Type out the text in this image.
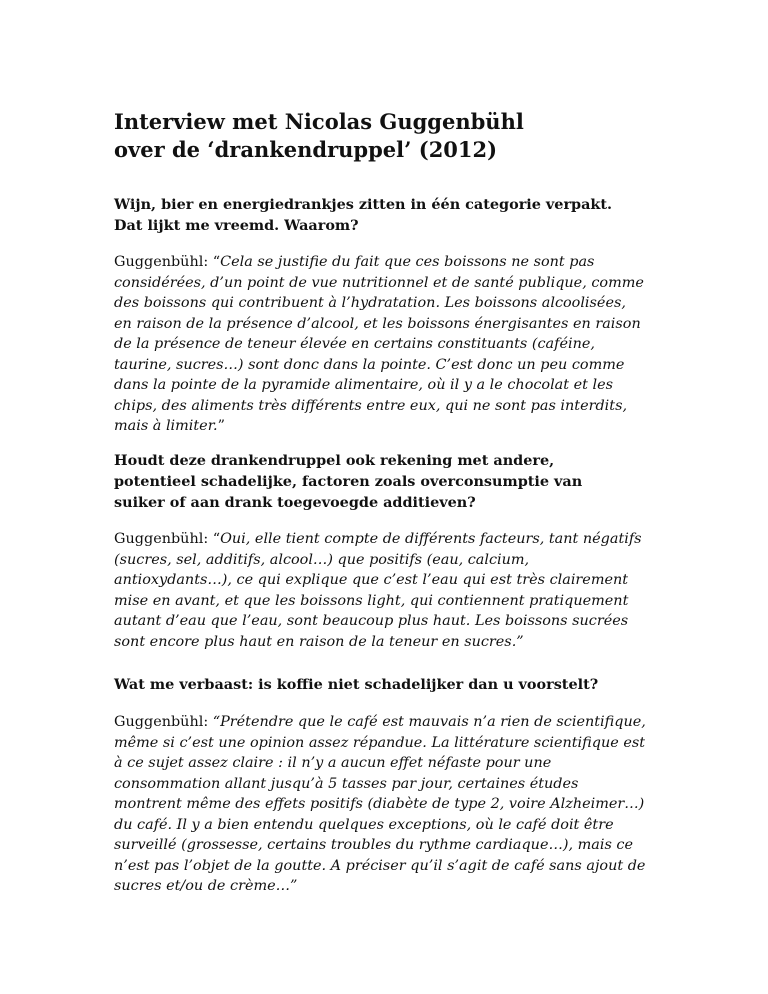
Interview met Nicolas Guggenbühl
over de ‘drankendruppel’ (2012)
Wijn, bier en energiedrankjes zitten in één categorie verpakt.
Dat lijkt me vreemd. Waarom?
Guggenbühl: “Cela se justifie du fait que ces boissons ne sont pas
considérées, d’un point de vue nutritionnel et de santé publique, comme
des boissons qui contribuent à l’hydratation. Les boissons alcoolisées,
en raison de la présence d’alcool, et les boissons énergisantes en raison
de la présence de teneur élevée en certains constituants (caféine,
taurine, sucres…) sont donc dans la pointe. C’est donc un peu comme
dans la pointe de la pyramide alimentaire, où il y a le chocolat et les
chips, des aliments très différents entre eux, qui ne sont pas interdits,
mais à limiter.”
Houdt deze drankendruppel ook rekening met andere,
potentieel schadelijke, factoren zoals overconsumptie van
suiker of aan drank toegevoegde additieven?
Guggenbühl: “Oui, elle tient compte de différents facteurs, tant négatifs
(sucres, sel, additifs, alcool…) que positifs (eau, calcium,
antioxydants…), ce qui explique que c’est l’eau qui est très clairement
mise en avant, et que les boissons light, qui contiennent pratiquement
autant d’eau que l’eau, sont beaucoup plus haut. Les boissons sucrées
sont encore plus haut en raison de la teneur en sucres.”
Wat me verbaast: is koffie niet schadelijker dan u voorstelt?
Guggenbühl: “Prétendre que le café est mauvais n’a rien de scientifique,
même si c’est une opinion assez répandue. La littérature scientifique est
à ce sujet assez claire : il n’y a aucun effet néfaste pour une
consommation allant jusqu’à 5 tasses par jour, certaines études
montrent même des effets positifs (diabète de type 2, voire Alzheimer…)
du café. Il y a bien entendu quelques exceptions, où le café doit être
surveillé (grossesse, certains troubles du rythme cardiaque…), mais ce
n’est pas l’objet de la goutte. A préciser qu’il s’agit de café sans ajout de
sucres et/ou de crème…”
